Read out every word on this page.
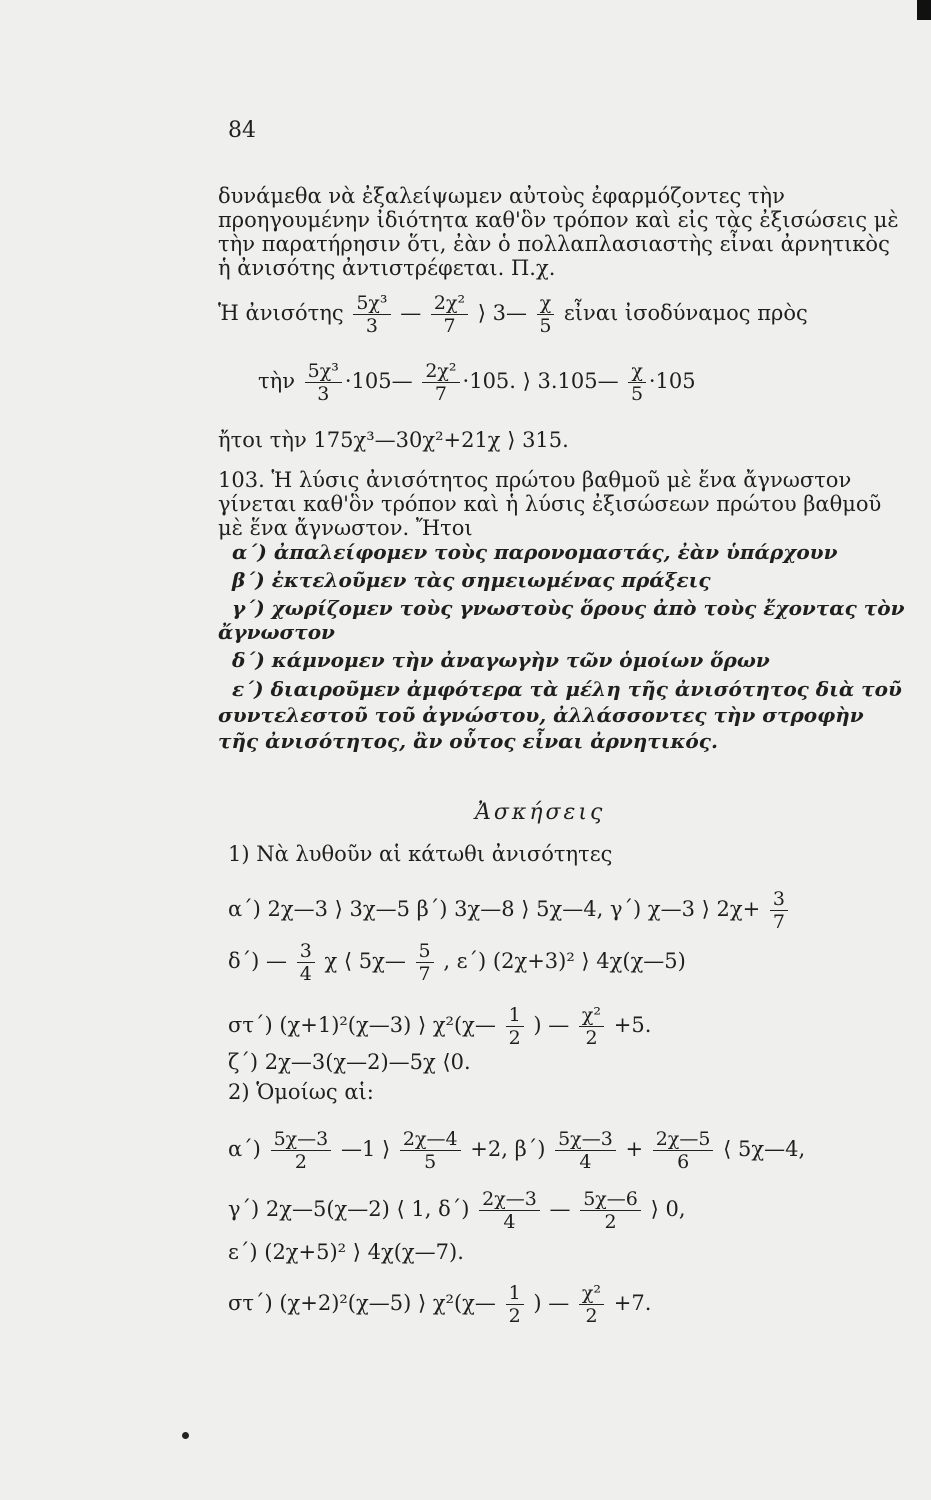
84
δυνάμεθα νὰ ἐξαλείψωμεν αὐτοὺς ἐφαρμόζοντες τὴν προηγουμένην ἰδιότητα καθ'ὃν τρόπον καὶ εἰς τὰς ἐξισώσεις μὲ τὴν παρατήρησιν ὅτι, ἐὰν ὁ πολλαπλασιαστὴς εἶναι ἀρνητικὸς ἡ ἀνισότης ἀντιστρέφεται. Π.χ.
Ἡ ἀνισότης $\frac{\text{5χ³}}{3}$ — $\frac{\text{2χ²}}{7}$ ⟩ 3— $\frac{\chi}{5}$ εἶναι ἰσοδύναμος πρὸς
τὴν $\frac{\text{5χ³}}{3}$ ·105— $\frac{\text{2χ²}}{7} \cdot 105$. ⟩ 3.105— $\frac{\chi}{5} \cdot 105$
ἤτοι τὴν 175χ³—30χ²+21χ ⟩ 315.
103. Ἡ λύσις ἀνισότητος πρώτου βαθμοῦ μὲ ἕνα ἄγνωστον γίνεται καθ'ὃν τρόπον καὶ ἡ λύσις ἐξισώσεων πρώτου βαθμοῦ μὲ ἕνα ἄγνωστον. Ἤτοι
α΄) ἀπαλείφομεν τοὺς παρονομαστάς, ἐὰν ὑπάρχουν
β΄) ἐκτελοῦμεν τὰς σημειωμένας πράξεις
γ΄) χωρίζομεν τοὺς γνωστοὺς ὅρους ἀπὸ τοὺς ἔχοντας τὸν ἄγνωστον
δ΄) κάμνομεν τὴν ἀναγωγὴν τῶν ὁμοίων ὅρων
ε΄) διαιροῦμεν ἀμφότερα τὰ μέλη τῆς ἀνισότητος διὰ τοῦ συντελεστοῦ τοῦ ἀγνώστου, ἀλλάσσοντες τὴν στροφὴν τῆς ἀνισότητος, ἂν οὗτος εἶναι ἀρνητικός.
Ἀσκήσεις
1) Νὰ λυθοῦν αἱ κάτωθι ἀνισότητες
α΄) 2χ—3 ⟩ 3χ—5 β΄) 3χ—8 ⟩ 5χ—4, γ΄) χ—3 ⟩ $2\chi+ \frac{3}{7}$
δ΄) — $\frac{3}{4}$ χ ⟨ 5χ— $\frac{5}{7}$ , ε΄) (2χ+3)² ⟩ 4χ(χ—5)
στ΄) (χ+1)²(χ—3) ⟩ χ²(χ— $\frac{1}{2}$ ) — $\frac{\text{χ²}}{2} +5$.
ζ΄) 2χ—3(χ—2)—5χ ⟨0.
2) Ὁμοίως αἱ:
$\alpha΄) \frac{5\chi—3}{2}$ —1 ⟩ $\frac{2\chi—4}{5} +2$, $\beta΄) \frac{5\chi—3}{4} + \frac{2\chi—5}{6}$ ⟨ 5χ—4,
γ΄) 2χ—5(χ—2) ⟨ 1, $\delta΄) \frac{2\chi—3}{4}$ — $\frac{5\chi—6}{2}$ ⟩ 0,
ε΄) (2χ+5)² ⟩ 4χ(χ—7).
στ΄) (χ+2)²(χ—5) ⟩ χ²(χ— $\frac{1}{2}$ ) — $\frac{\text{χ²}}{2} +7$.
